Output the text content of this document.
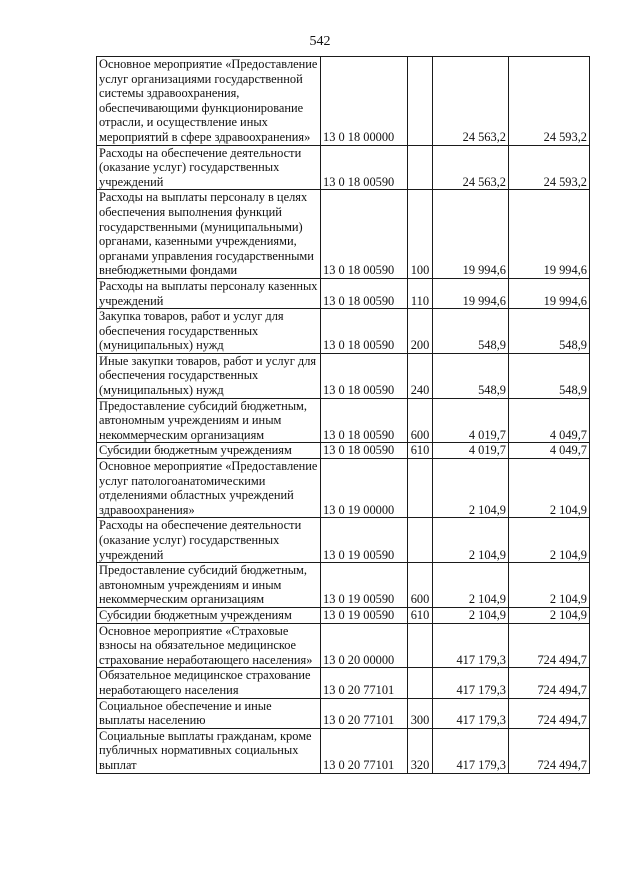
542
Основное мероприятие «Предоставление услуг организациями государственной системы здравоохранения, обеспечивающими функционирование отрасли, и осуществление иных мероприятий в сфере здравоохранения»	13 0 18 00000		24 563,2	24 593,2
Расходы на обеспечение деятельности (оказание услуг) государственных учреждений	13 0 18 00590		24 563,2	24 593,2
Расходы на выплаты персоналу в целях обеспечения выполнения функций государственными (муниципальными) органами, казенными учреждениями, органами управления государственными внебюджетными фондами	13 0 18 00590	100	19 994,6	19 994,6
Расходы на выплаты персоналу казенных учреждений	13 0 18 00590	110	19 994,6	19 994,6
Закупка товаров, работ и услуг для обеспечения государственных (муниципальных) нужд	13 0 18 00590	200	548,9	548,9
Иные закупки товаров, работ и услуг для обеспечения государственных (муниципальных) нужд	13 0 18 00590	240	548,9	548,9
Предоставление субсидий бюджетным, автономным учреждениям и иным некоммерческим организациям	13 0 18 00590	600	4 019,7	4 049,7
Субсидии бюджетным учреждениям	13 0 18 00590	610	4 019,7	4 049,7
Основное мероприятие «Предоставление услуг патологоанатомическими отделениями областных учреждений здравоохранения»	13 0 19 00000		2 104,9	2 104,9
Расходы на обеспечение деятельности (оказание услуг) государственных учреждений	13 0 19 00590		2 104,9	2 104,9
Предоставление субсидий бюджетным, автономным учреждениям и иным некоммерческим организациям	13 0 19 00590	600	2 104,9	2 104,9
Субсидии бюджетным учреждениям	13 0 19 00590	610	2 104,9	2 104,9
Основное мероприятие «Страховые взносы на обязательное медицинское страхование неработающего населения»	13 0 20 00000		417 179,3	724 494,7
Обязательное медицинское страхование неработающего населения	13 0 20 77101		417 179,3	724 494,7
Социальное обеспечение и иные выплаты населению	13 0 20 77101	300	417 179,3	724 494,7
Социальные выплаты гражданам, кроме публичных нормативных социальных выплат	13 0 20 77101	320	417 179,3	724 494,7
